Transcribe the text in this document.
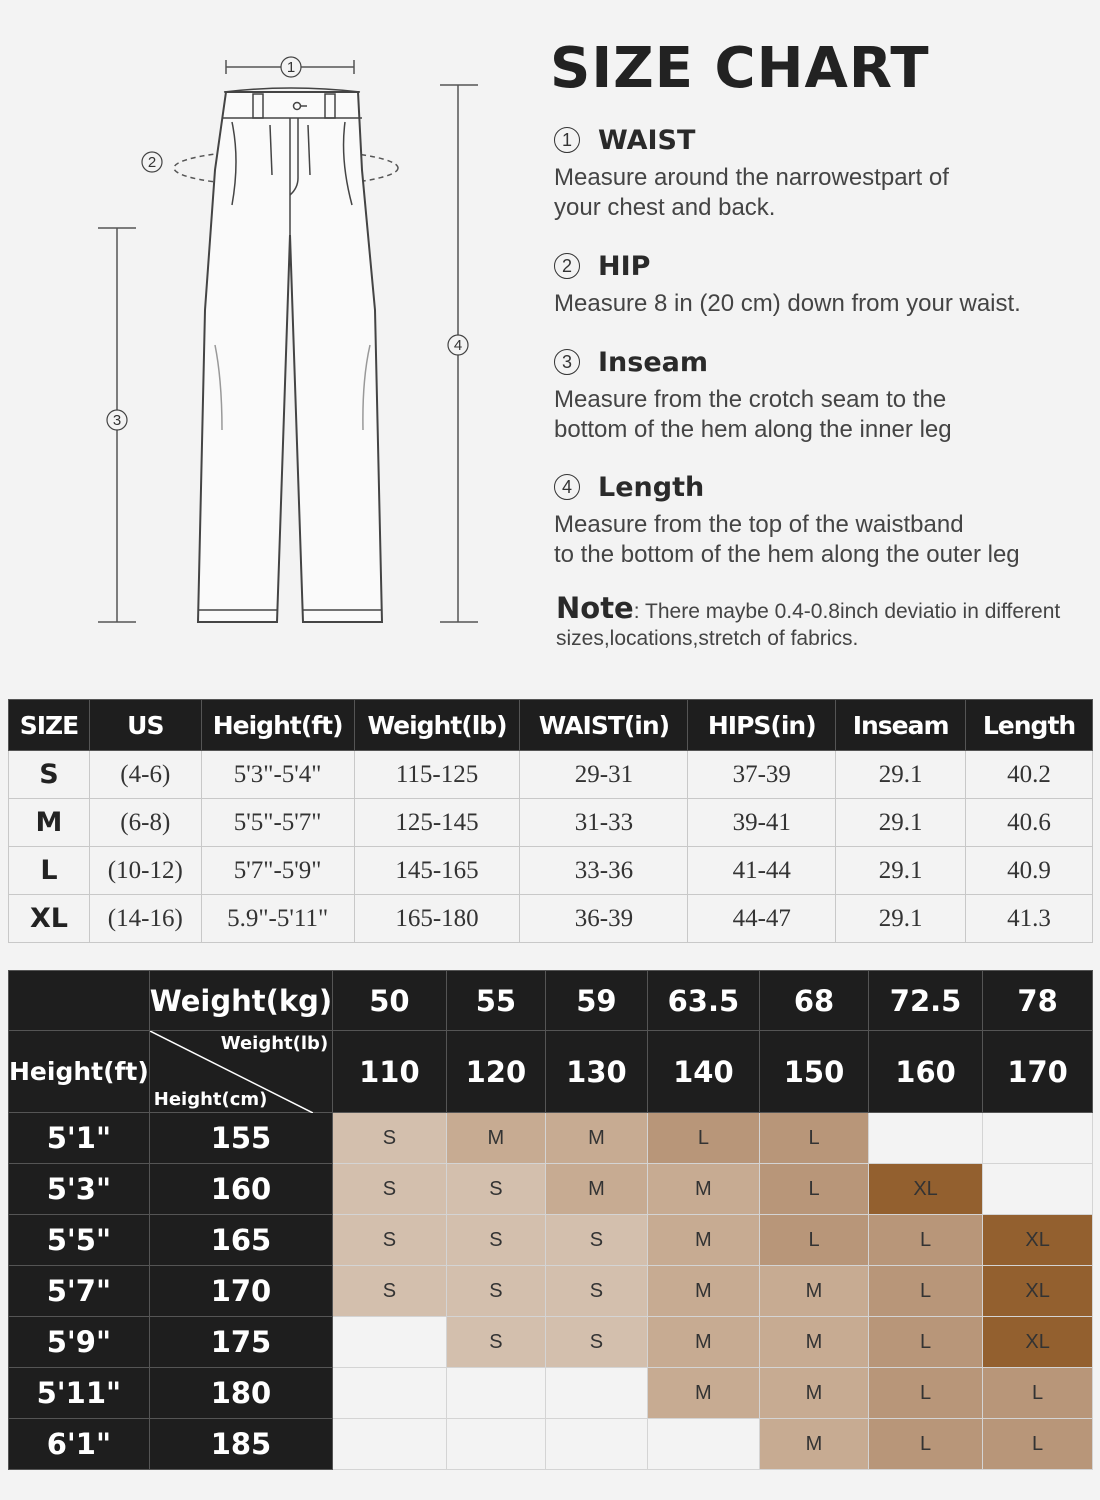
1
2
3
4
SIZE CHART
1 WAIST
Measure around the narrowestpart of
your chest and back.
2 HIP
Measure 8 in (20 cm) down from your waist.
3 Inseam
Measure from the crotch seam to the
bottom of the hem along the inner leg
4 Length
Measure from the top of the waistband
to the bottom of the hem along the outer leg
Note: There maybe 0.4-0.8inch deviatio in different sizes,locations,stretch of fabrics.
SIZE	US	Height(ft)	Weight(lb)	WAIST(in)	HIPS(in)	Inseam	Length
S	(4-6)	5'3"-5'4"	115-125	29-31	37-39	29.1	40.2
M	(6-8)	5'5"-5'7"	125-145	31-33	39-41	29.1	40.6
L	(10-12)	5'7"-5'9"	145-165	33-36	41-44	29.1	40.9
XL	(14-16)	5.9"-5'11"	165-180	36-39	44-47	29.1	41.3
	Weight(kg)	50	55	59	63.5	68	72.5	78
Height(ft)	Weight(lb)
Height(cm)	110	120	130	140	150	160	170
5'1"	155	S	M	M	L	L		
5'3"	160	S	S	M	M	L	XL	
5'5"	165	S	S	S	M	L	L	XL
5'7"	170	S	S	S	M	M	L	XL
5'9"	175		S	S	M	M	L	XL
5'11"	180				M	M	L	L
6'1"	185					M	L	L
